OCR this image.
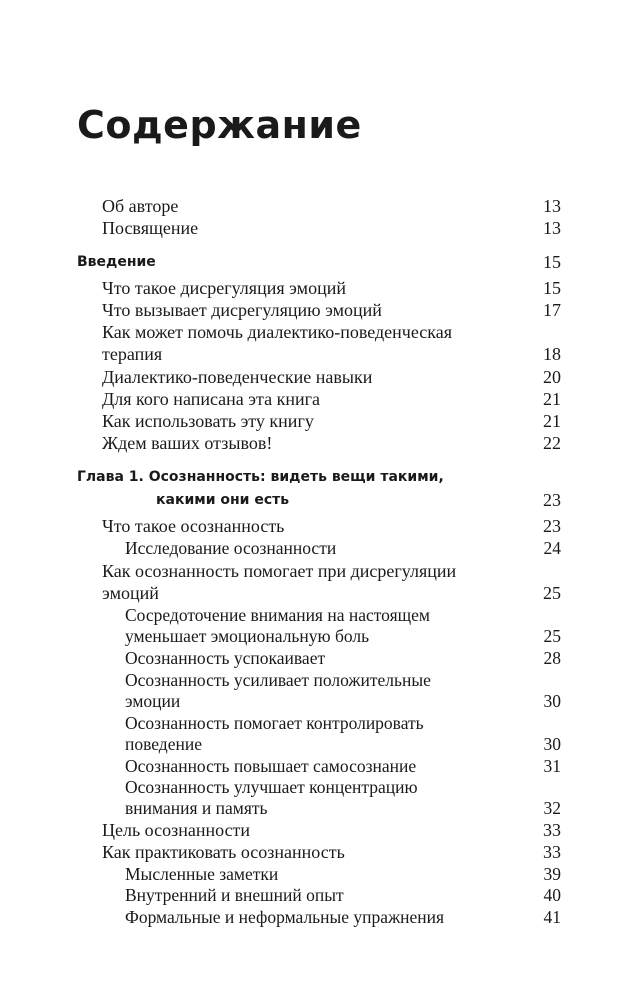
Содержание
Об авторе	13
Посвящение	13
Введение	15
Что такое дисрегуляция эмоций	15
Что вызывает дисрегуляцию эмоций	17
Как может помочь диалектико-поведенческая
терапия	18
Диалектико-поведенческие навыки	20
Для кого написана эта книга	21
Как использовать эту книгу	21
Ждем ваших отзывов!	22
Глава 1. Осознанность: видеть вещи такими,
какими они есть	23
Что такое осознанность	23
Исследование осознанности	24
Как осознанность помогает при дисрегуляции
эмоций	25
Сосредоточение внимания на настоящем
уменьшает эмоциональную боль	25
Осознанность успокаивает	28
Осознанность усиливает положительные
эмоции	30
Осознанность помогает контролировать
поведение	30
Осознанность повышает самосознание	31
Осознанность улучшает концентрацию
внимания и память	32
Цель осознанности	33
Как практиковать осознанность	33
Мысленные заметки	39
Внутренний и внешний опыт	40
Формальные и неформальные упражнения	41
